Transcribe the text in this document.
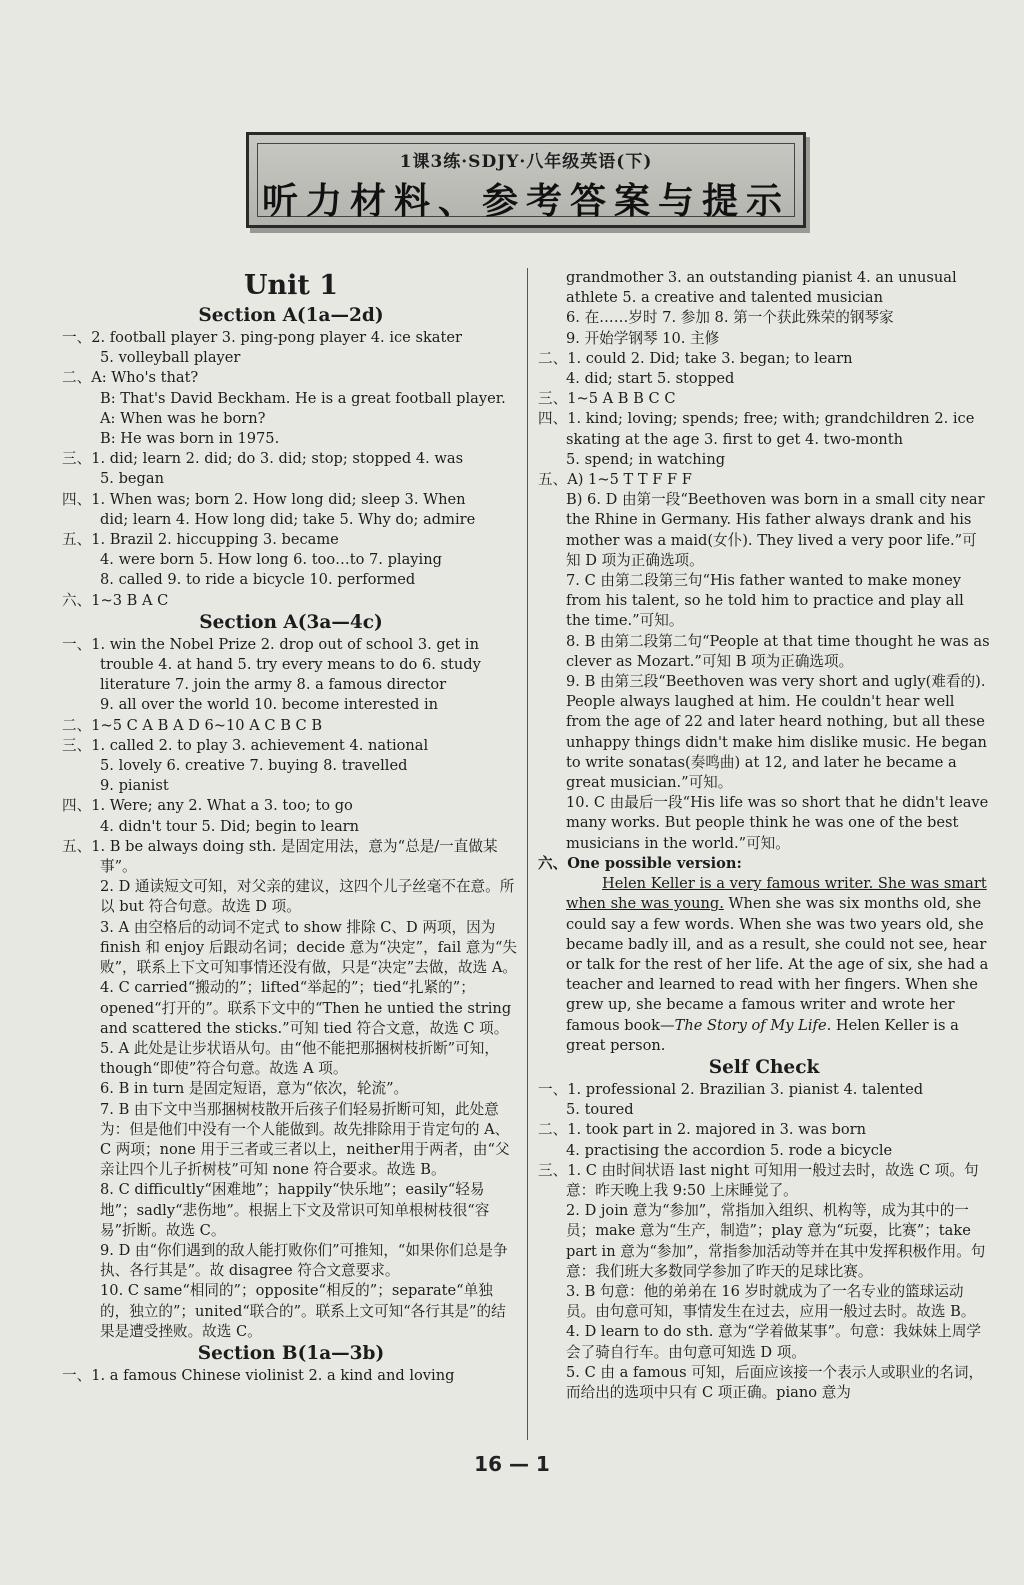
1课3练·SDJY·八年级英语(下)
听力材料、参考答案与提示
Unit 1
Section A(1a—2d)
一、2. football player 3. ping-pong player 4. ice skater
5. volleyball player
二、A: Who's that?
B: That's David Beckham. He is a great football player.
A: When was he born?
B: He was born in 1975.
三、1. did; learn 2. did; do 3. did; stop; stopped 4. was
5. began
四、1. When was; born 2. How long did; sleep 3. When
did; learn 4. How long did; take 5. Why do; admire
五、1. Brazil 2. hiccupping 3. became
4. were born 5. How long 6. too…to 7. playing
8. called 9. to ride a bicycle 10. performed
六、1~3 B A C
Section A(3a—4c)
一、1. win the Nobel Prize 2. drop out of school 3. get in
trouble 4. at hand 5. try every means to do 6. study
literature 7. join the army 8. a famous director
9. all over the world 10. become interested in
二、1~5 C A B A D 6~10 A C B C B
三、1. called 2. to play 3. achievement 4. national
5. lovely 6. creative 7. buying 8. travelled
9. pianist
四、1. Were; any 2. What a 3. too; to go
4. didn't tour 5. Did; begin to learn
五、1. B be always doing sth. 是固定用法，意为“总是/一直做某事”。
2. D 通读短文可知，对父亲的建议，这四个儿子丝毫不在意。所以 but 符合句意。故选 D 项。
3. A 由空格后的动词不定式 to show 排除 C、D 两项，因为 finish 和 enjoy 后跟动名词；decide 意为“决定”，fail 意为“失败”，联系上下文可知事情还没有做，只是“决定”去做，故选 A。
4. C carried“搬动的”；lifted“举起的”；tied“扎紧的”；opened“打开的”。联系下文中的“Then he untied the string and scattered the sticks.”可知 tied 符合文意，故选 C 项。
5. A 此处是让步状语从句。由“他不能把那捆树枝折断”可知，though“即使”符合句意。故选 A 项。
6. B in turn 是固定短语，意为“依次，轮流”。
7. B 由下文中当那捆树枝散开后孩子们轻易折断可知，此处意为：但是他们中没有一个人能做到。故先排除用于肯定句的 A、C 两项；none 用于三者或三者以上，neither用于两者，由“父亲让四个儿子折树枝”可知 none 符合要求。故选 B。
8. C difficultly“困难地”；happily“快乐地”；easily“轻易地”；sadly“悲伤地”。根据上下文及常识可知单根树枝很“容易”折断。故选 C。
9. D 由“你们遇到的敌人能打败你们”可推知，“如果你们总是争执、各行其是”。故 disagree 符合文意要求。
10. C same“相同的”；opposite“相反的”；separate“单独的，独立的”；united“联合的”。联系上文可知“各行其是”的结果是遭受挫败。故选 C。
Section B(1a—3b)
一、1. a famous Chinese violinist 2. a kind and loving
grandmother 3. an outstanding pianist 4. an unusual
athlete 5. a creative and talented musician
6. 在……岁时 7. 参加 8. 第一个获此殊荣的钢琴家
9. 开始学钢琴 10. 主修
二、1. could 2. Did; take 3. began; to learn
4. did; start 5. stopped
三、1~5 A B B C C
四、1. kind; loving; spends; free; with; grandchildren 2. ice
skating at the age 3. first to get 4. two-month
5. spend; in watching
五、A) 1~5 T T F F F
B) 6. D 由第一段“Beethoven was born in a small city near the Rhine in Germany. His father always drank and his mother was a maid(女仆). They lived a very poor life.”可知 D 项为正确选项。
7. C 由第二段第三句“His father wanted to make money from his talent, so he told him to practice and play all the time.”可知。
8. B 由第二段第二句“People at that time thought he was as clever as Mozart.”可知 B 项为正确选项。
9. B 由第三段“Beethoven was very short and ugly(难看的). People always laughed at him. He couldn't hear well from the age of 22 and later heard nothing, but all these unhappy things didn't make him dislike music. He began to write sonatas(奏鸣曲) at 12, and later he became a great musician.”可知。
10. C 由最后一段“His life was so short that he didn't leave many works. But people think he was one of the best musicians in the world.”可知。
六、One possible version:
Helen Keller is a very famous writer. She was smart when she was young. When she was six months old, she could say a few words. When she was two years old, she became badly ill, and as a result, she could not see, hear or talk for the rest of her life. At the age of six, she had a teacher and learned to read with her fingers. When she grew up, she became a famous writer and wrote her famous book—The Story of My Life. Helen Keller is a great person.
Self Check
一、1. professional 2. Brazilian 3. pianist 4. talented
5. toured
二、1. took part in 2. majored in 3. was born
4. practising the accordion 5. rode a bicycle
三、1. C 由时间状语 last night 可知用一般过去时，故选 C 项。句意：昨天晚上我 9:50 上床睡觉了。
2. D join 意为“参加”，常指加入组织、机构等，成为其中的一员；make 意为“生产，制造”；play 意为“玩耍，比赛”；take part in 意为“参加”，常指参加活动等并在其中发挥积极作用。句意：我们班大多数同学参加了昨天的足球比赛。
3. B 句意：他的弟弟在 16 岁时就成为了一名专业的篮球运动员。由句意可知，事情发生在过去，应用一般过去时。故选 B。
4. D learn to do sth. 意为“学着做某事”。句意：我妹妹上周学会了骑自行车。由句意可知选 D 项。
5. C 由 a famous 可知，后面应该接一个表示人或职业的名词，而给出的选项中只有 C 项正确。piano 意为
16 — 1
